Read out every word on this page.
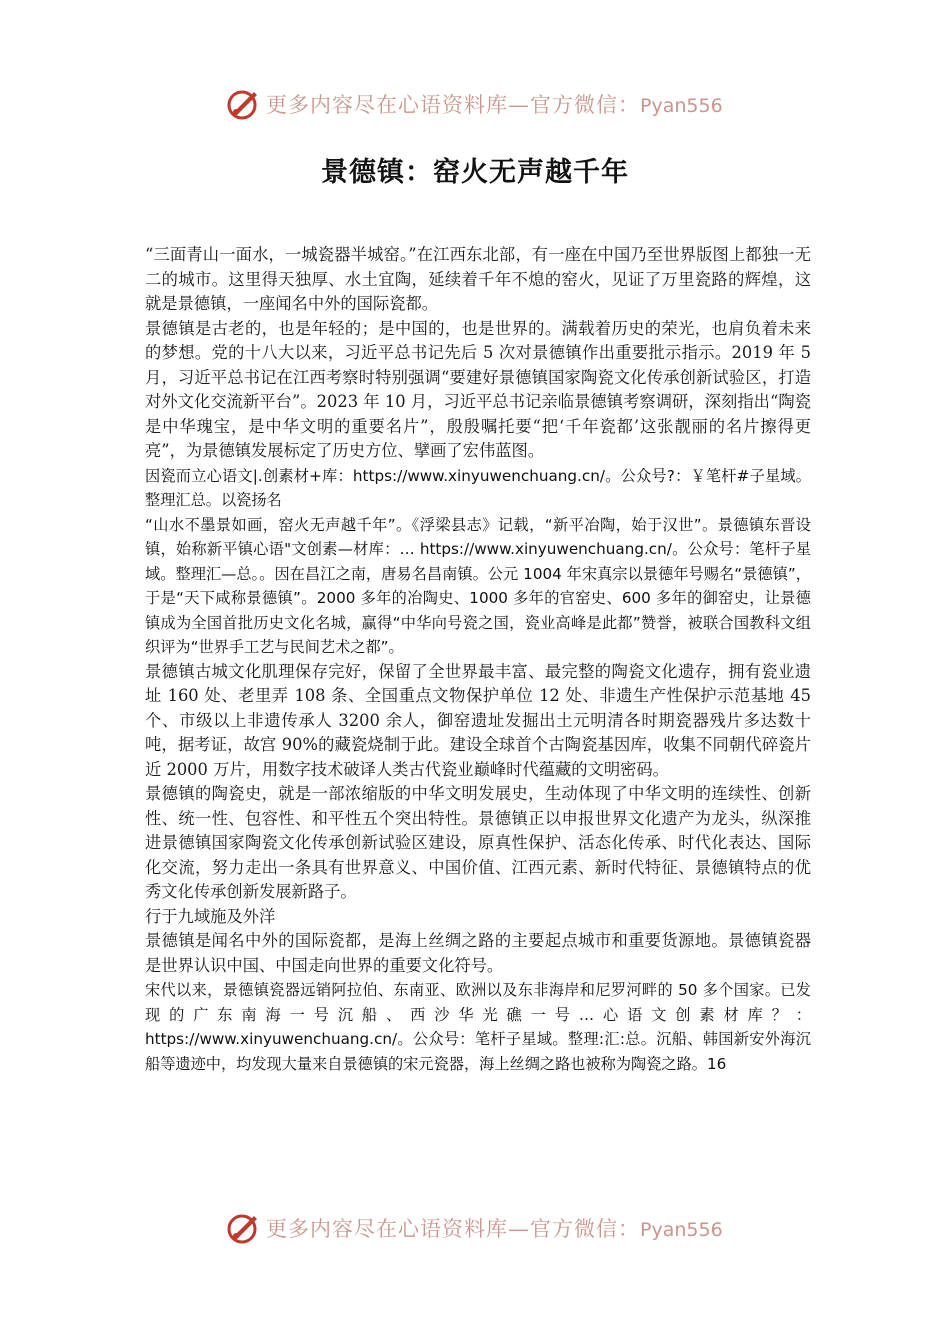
更多内容尽在心语资料库—官方微信：Pyan556
景德镇：窑火无声越千年

“三面青山一面水，一城瓷器半城窑。”在江西东北部，有一座在中国乃至世界版图上都独一无二的城市。这里得天独厚、水土宜陶，延续着千年不熄的窑火，见证了万里瓷路的辉煌，这就是景德镇，一座闻名中外的国际瓷都。

景德镇是古老的，也是年轻的；是中国的，也是世界的。满载着历史的荣光，也肩负着未来的梦想。党的十八大以来，习近平总书记先后 5 次对景德镇作出重要批示指示。2019 年 5 月，习近平总书记在江西考察时特别强调“要建好景德镇国家陶瓷文化传承创新试验区，打造对外文化交流新平台”。2023 年 10 月，习近平总书记亲临景德镇考察调研，深刻指出“陶瓷是中华瑰宝，是中华文明的重要名片”，殷殷嘱托要“把‘千年瓷都’这张靓丽的名片擦得更亮”，为景德镇发展标定了历史方位、擘画了宏伟蓝图。

因瓷而立心语文|.创素材+库：https://www.xinyuwenchuang.cn/。公众号?：￥笔杆#子星域。整理汇总。以瓷扬名

“山水不墨景如画，窑火无声越千年”。《浮梁县志》记载，“新平冶陶，始于汉世”。景德镇东晋设镇，始称新平镇心语"文创素—材库：… https://www.xinyuwenchuang.cn/。公众号：笔杆子星域。整理汇—总。。因在昌江之南，唐易名昌南镇。公元 1004 年宋真宗以景德年号赐名“景德镇”，于是“天下咸称景德镇”。2000 多年的冶陶史、1000 多年的官窑史、600 多年的御窑史，让景德镇成为全国首批历史文化名城，赢得“中华向号瓷之国，瓷业高峰是此都”赞誉，被联合国教科文组织评为“世界手工艺与民间艺术之都”。

景德镇古城文化肌理保存完好，保留了全世界最丰富、最完整的陶瓷文化遗存，拥有瓷业遗址 160 处、老里弄 108 条、全国重点文物保护单位 12 处、非遗生产性保护示范基地 45 个、市级以上非遗传承人 3200 余人，御窑遗址发掘出土元明清各时期瓷器残片多达数十吨，据考证，故宫 90%的藏瓷烧制于此。建设全球首个古陶瓷基因库，收集不同朝代碎瓷片近 2000 万片，用数字技术破译人类古代瓷业巅峰时代蕴藏的文明密码。

景德镇的陶瓷史，就是一部浓缩版的中华文明发展史，生动体现了中华文明的连续性、创新性、统一性、包容性、和平性五个突出特性。景德镇正以申报世界文化遗产为龙头，纵深推进景德镇国家陶瓷文化传承创新试验区建设，原真性保护、活态化传承、时代化表达、国际化交流，努力走出一条具有世界意义、中国价值、江西元素、新时代特征、景德镇特点的优秀文化传承创新发展新路子。

行于九域施及外洋

景德镇是闻名中外的国际瓷都，是海上丝绸之路的主要起点城市和重要货源地。景德镇瓷器是世界认识中国、中国走向世界的重要文化符号。

宋代以来，景德镇瓷器远销阿拉伯、东南亚、欧洲以及东非海岸和尼罗河畔的 50 多个国家。已发现的广东南海一号沉船、西沙华光礁一号…心语文创素材库？：https://www.xinyuwenchuang.cn/。公众号：笔杆子星域。整理:汇:总。沉船、韩国新安外海沉船等遗迹中，均发现大量来自景德镇的宋元瓷器，海上丝绸之路也被称为陶瓷之路。16

更多内容尽在心语资料库—官方微信：Pyan556
